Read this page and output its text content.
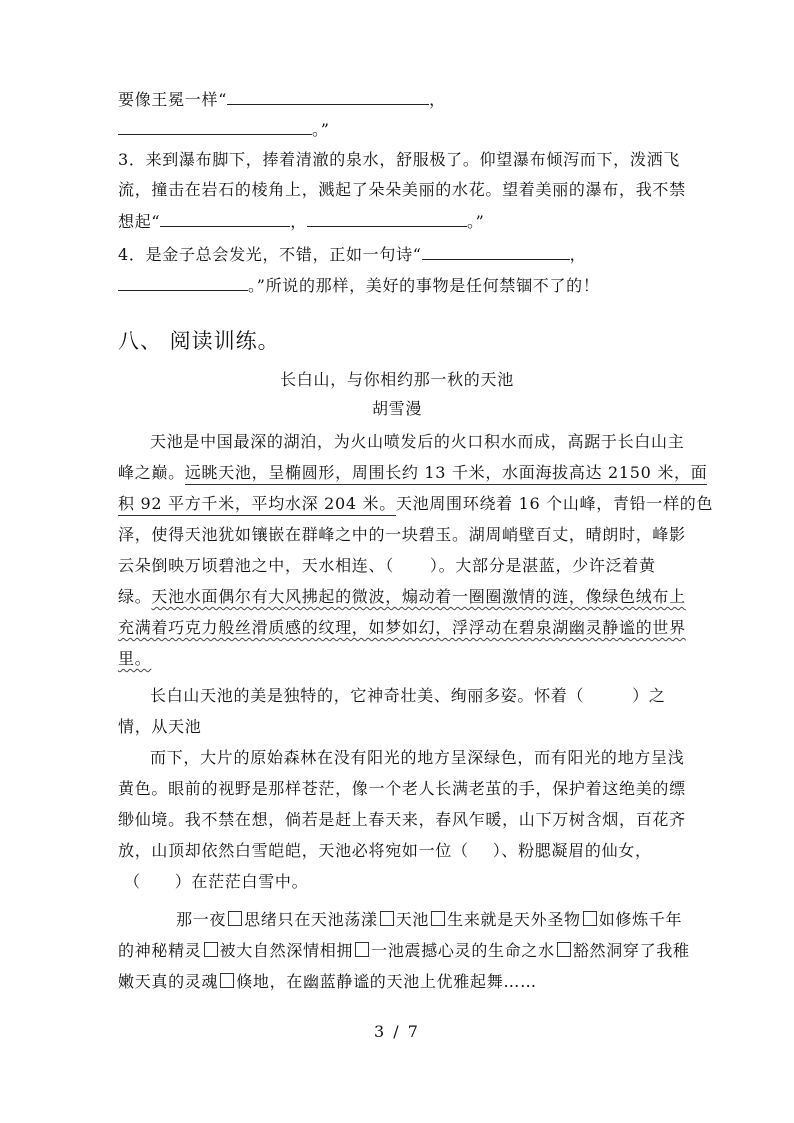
要像王冕一样“	，
。”
3．来到瀑布脚下，捧着清澈的泉水，舒服极了。仰望瀑布倾泻而下，泼洒飞
流，撞击在岩石的棱角上，溅起了朵朵美丽的水花。望着美丽的瀑布，我不禁
想起“	，	。”
4．是金子总会发光，不错，正如一句诗“	，
。”所说的那样，美好的事物是任何禁锢不了的！
八、 阅读训练。
长白山，与你相约那一秋的天池
胡雪漫
天池是中国最深的湖泊，为火山喷发后的火口积水而成，高踞于长白山主
峰之巅。远眺天池，呈椭圆形，周围长约 13 千米，水面海拔高达 2150 米，面
积 92 平方千米，平均水深 204 米。天池周围环绕着 16 个山峰，青铅一样的色
泽，使得天池犹如镶嵌在群峰之中的一块碧玉。湖周峭壁百丈，晴朗时，峰影
云朵倒映万顷碧池之中，天水相连、（ ）。大部分是湛蓝，少许泛着黄
绿。天池水面偶尔有大风拂起的微波，煽动着一圈圈激情的涟，像绿色绒布上
充满着巧克力般丝滑质感的纹理，如梦如幻，浮浮动在碧泉湖幽灵静谧的世界
里。
长白山天池的美是独特的，它神奇壮美、绚丽多姿。怀着（	）之
情，从天池
而下，大片的原始森林在没有阳光的地方呈深绿色，而有阳光的地方呈浅
黄色。眼前的视野是那样苍茫，像一个老人长满老茧的手，保护着这绝美的缥
缈仙境。我不禁在想，倘若是赶上春天来，春风乍暖，山下万树含烟，百花齐
放，山顶却依然白雪皑皑，天池必将宛如一位（ ）、粉腮凝眉的仙女，
（ ）在茫茫白雪中。
那一夜 思绪只在天池荡漾 天池 生来就是天外圣物 如修炼千年
的神秘精灵 被大自然深情相拥 一池震撼心灵的生命之水 豁然洞穿了我稚
嫩天真的灵魂 倏地，在幽蓝静谧的天池上优雅起舞……
3 / 7
